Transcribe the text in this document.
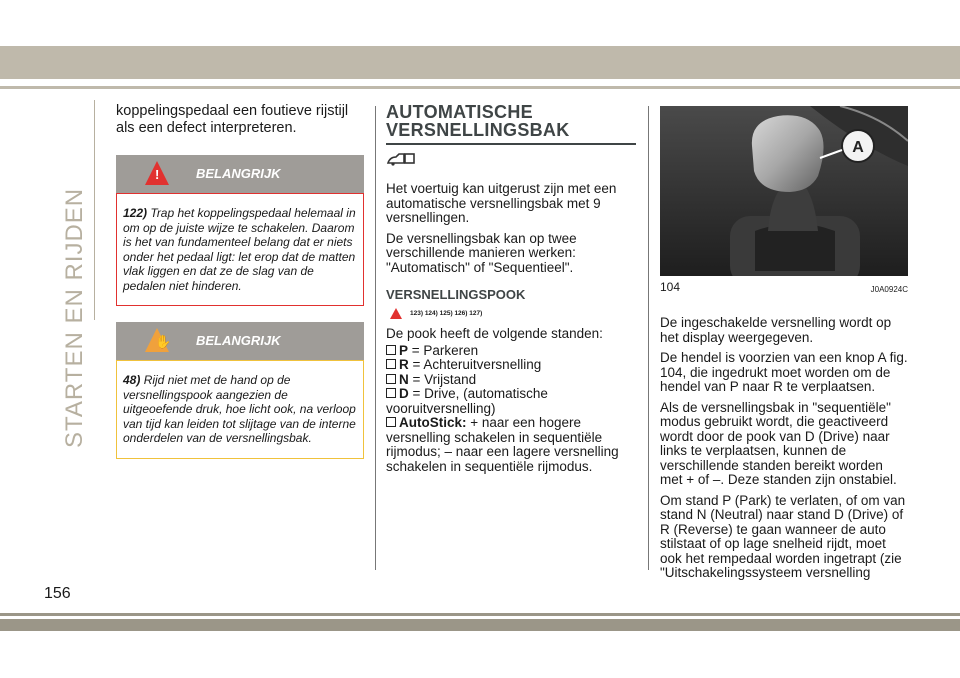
STARTEN EN RIJDEN

koppelingspedaal een foutieve rijstijl als een defect interpreteren.

!	BELANGRIJK
122) Trap het koppelingspedaal helemaal in om op de juiste wijze te schakelen. Daarom is het van fundamenteel belang dat er niets onder het pedaal ligt: let erop dat de matten vlak liggen en dat ze de slag van de pedalen niet hinderen.
✋ BELANGRIJK
48) Rijd niet met de hand op de versnellingspook aangezien de uitgeoefende druk, hoe licht ook, na verloop van tijd kan leiden tot slijtage van de interne onderdelen van de versnellingsbak.

AUTOMATISCHE

VERSNELLINGSBAK

Het voertuig kan uitgerust zijn met een automatische versnellingsbak met 9 versnellingen.

De versnellingsbak kan op twee verschillende manieren werken: "Automatisch" of "Sequentieel".

VERSNELLINGSPOOK

123) 124) 125) 126) 127)

De pook heeft de volgende standen:

P = Parkeren
R = Achteruitversnelling
N = Vrijstand
D = Drive, (automatische vooruitversnelling)
AutoStick: + naar een hogere versnelling schakelen in sequentiële rijmodus; – naar een lagere versnelling schakelen in sequentiële rijmodus.
A
104	J0A0924C

De ingeschakelde versnelling wordt op het display weergegeven.

De hendel is voorzien van een knop A fig. 104, die ingedrukt moet worden om de hendel van P naar R te verplaatsen.

Als de versnellingsbak in "sequentiële" modus gebruikt wordt, die geactiveerd wordt door de pook van D (Drive) naar links te verplaatsen, kunnen de verschillende standen bereikt worden met + of –. Deze standen zijn onstabiel.

Om stand P (Park) te verlaten, of om van stand N (Neutral) naar stand D (Drive) of R (Reverse) te gaan wanneer de auto stilstaat of op lage snelheid rijdt, moet ook het rempedaal worden ingetrapt (zie "Uitschakelingssysteem versnelling

156
